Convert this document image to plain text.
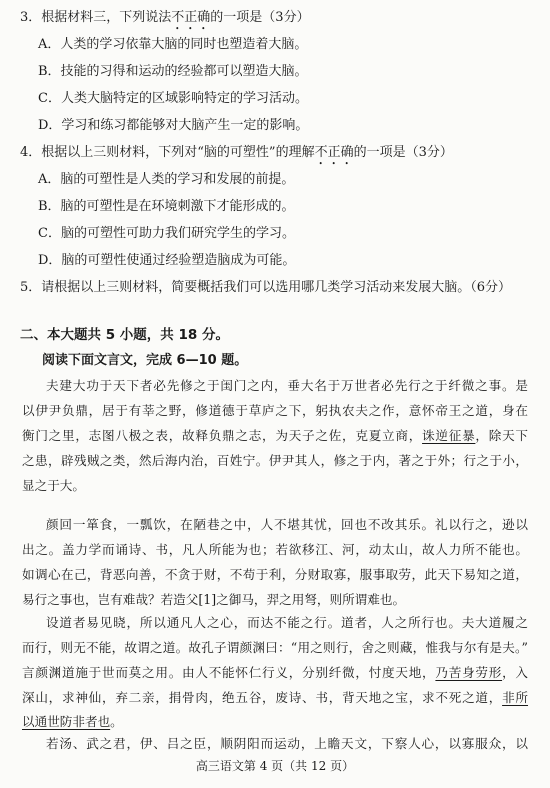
3．根据材料三，下列说法不正确的一项是（3分）
A．人类的学习依靠大脑的同时也塑造着大脑。
B．技能的习得和运动的经验都可以塑造大脑。
C．人类大脑特定的区域影响特定的学习活动。
D．学习和练习都能够对大脑产生一定的影响。
4．根据以上三则材料，下列对“脑的可塑性”的理解不正确的一项是（3分）
A．脑的可塑性是人类的学习和发展的前提。
B．脑的可塑性是在环境刺激下才能形成的。
C．脑的可塑性可助力我们研究学生的学习。
D．脑的可塑性使通过经验塑造脑成为可能。
5．请根据以上三则材料，简要概括我们可以选用哪几类学习活动来发展大脑。（6分）
二、本大题共 5 小题，共 18 分。
阅读下面文言文，完成 6—10 题。
夫建大功于天下者必先修之于闺门之内，垂大名于万世者必先行之于纤微之事。是
以伊尹负鼎，居于有莘之野，修道德于草庐之下，躬执农夫之作，意怀帝王之道，身在
衡门之里，志图八极之表，故释负鼎之志，为天子之佐，克夏立商，诛逆征暴，除天下
之患，辟残贼之类，然后海内治，百姓宁。伊尹其人，修之于内，著之于外；行之于小，
显之于大。
颜回一箪食，一瓢饮，在陋巷之中，人不堪其忧，回也不改其乐。礼以行之，逊以
出之。盖力学而诵诗、书，凡人所能为也；若欲移江、河，动太山，故人力所不能也。
如调心在己，背恶向善，不贪于财，不苟于利，分财取寡，服事取劳，此天下易知之道，
易行之事也，岂有难哉？若造父[1]之御马，羿之用弩，则所谓难也。
设道者易见晓，所以通凡人之心，而达不能之行。道者，人之所行也。夫大道履之
而行，则无不能，故谓之道。故孔子谓颜渊曰：“用之则行，舍之则藏，惟我与尔有是夫。”
言颜渊道施于世而莫之用。由人不能怀仁行义，分别纤微，忖度天地，乃苦身劳形，入
深山，求神仙，弃二亲，捐骨肉，绝五谷，废诗、书，背天地之宝，求不死之道，非所
以通世防非者也。
若汤、武之君，伊、吕之臣，顺阴阳而运动，上瞻天文，下察人心，以寡服众，以
高三语文第 4 页（共 12 页）
